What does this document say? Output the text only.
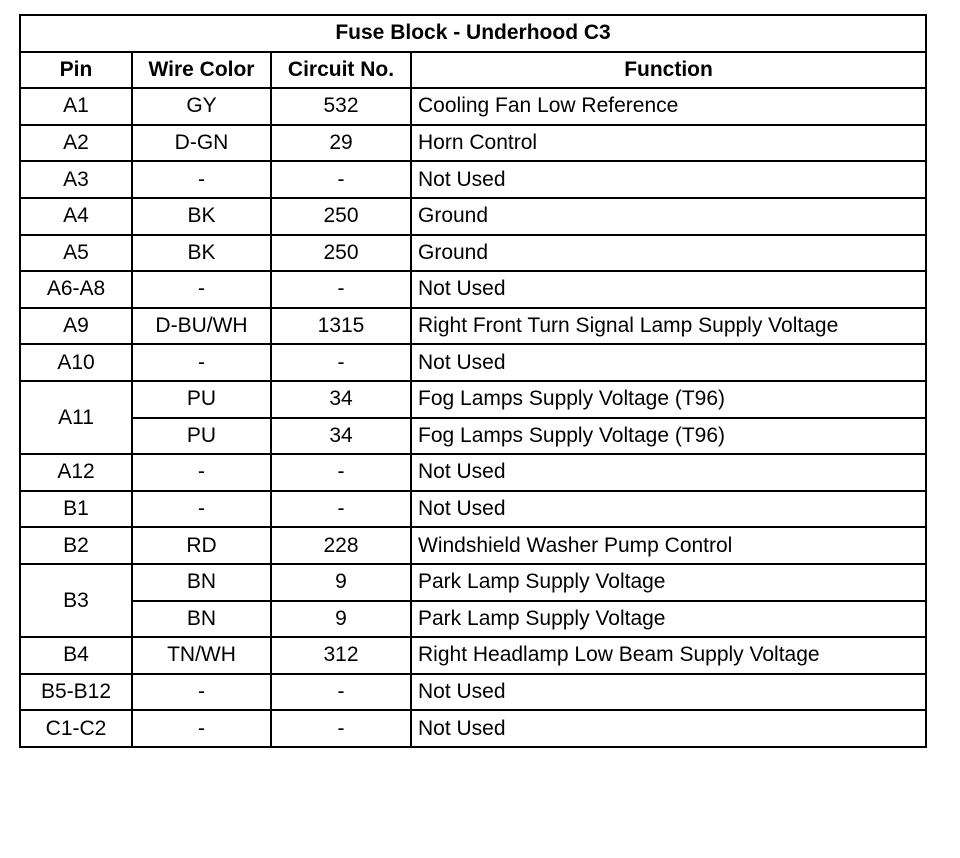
Fuse Block - Underhood C3			
Pin	Wire Color	Circuit No.	Function
A1	GY	532	Cooling Fan Low Reference
A2	D-GN	29	Horn Control
A3	-	-	Not Used
A4	BK	250	Ground
A5	BK	250	Ground
A6-A8	-	-	Not Used
A9	D-BU/WH	1315	Right Front Turn Signal Lamp Supply Voltage
A10	-	-	Not Used
A11	PU	34	Fog Lamps Supply Voltage (T96)
	PU	34	Fog Lamps Supply Voltage (T96)
A12	-	-	Not Used
B1	-	-	Not Used
B2	RD	228	Windshield Washer Pump Control
B3	BN	9	Park Lamp Supply Voltage
	BN	9	Park Lamp Supply Voltage
B4	TN/WH	312	Right Headlamp Low Beam Supply Voltage
B5-B12	-	-	Not Used
C1-C2	-	-	Not Used
